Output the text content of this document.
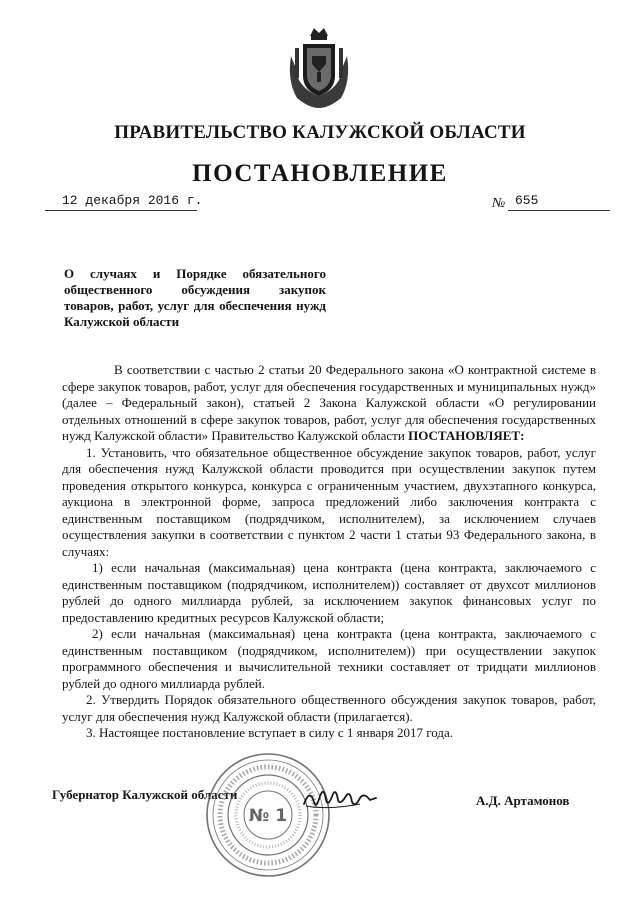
ПРАВИТЕЛЬСТВО КАЛУЖСКОЙ ОБЛАСТИ
ПОСТАНОВЛЕНИЕ
12 декабря 2016 г.	№ 655
О случаях и Порядке обязательного общественного обсуждения закупок товаров, работ, услуг для обеспечения нужд Калужской области

В соответствии с частью 2 статьи 20 Федерального закона «О контрактной системе в сфере закупок товаров, работ, услуг для обеспечения государственных и муниципальных нужд» (далее – Федеральный закон), статьей 2 Закона Калужской области «О регулировании отдельных отношений в сфере закупок товаров, работ, услуг для обеспечения государственных нужд Калужской области» Правительство Калужской области ПОСТАНОВЛЯЕТ:

1. Установить, что обязательное общественное обсуждение закупок товаров, работ, услуг для обеспечения нужд Калужской области проводится при осуществлении закупок путем проведения открытого конкурса, конкурса с ограниченным участием, двухэтапного конкурса, аукциона в электронной форме, запроса предложений либо заключения контракта с единственным поставщиком (подрядчиком, исполнителем), за исключением случаев осуществления закупки в соответствии с пунктом 2 части 1 статьи 93 Федерального закона, в случаях:

1) если начальная (максимальная) цена контракта (цена контракта, заключаемого с единственным поставщиком (подрядчиком, исполнителем)) составляет от двухсот миллионов рублей до одного миллиарда рублей, за исключением закупок финансовых услуг по предоставлению кредитных ресурсов Калужской области;

2) если начальная (максимальная) цена контракта (цена контракта, заключаемого с единственным поставщиком (подрядчиком, исполнителем)) при осуществлении закупок программного обеспечения и вычислительной техники составляет от тридцати миллионов рублей до одного миллиарда рублей.

2. Утвердить Порядок обязательного общественного обсуждения закупок товаров, работ, услуг для обеспечения нужд Калужской области (прилагается).

3. Настоящее постановление вступает в силу с 1 января 2017 года.

Губернатор Калужской области	А.Д. Артамонов
№ 1
